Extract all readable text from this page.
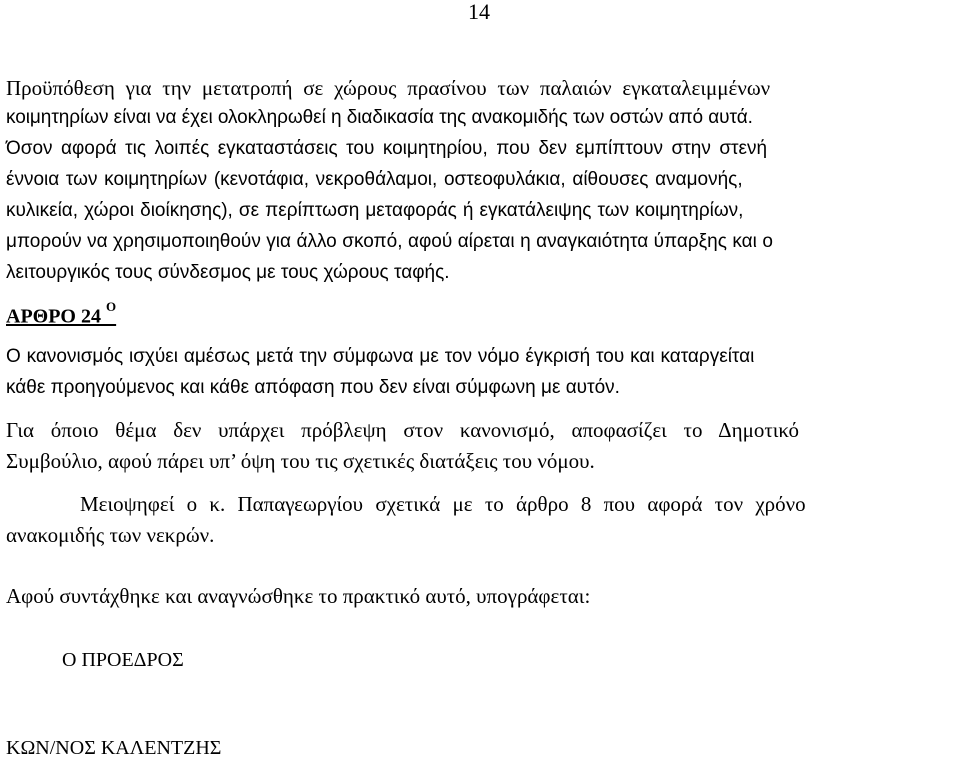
14
Προϋπόθεση για την μετατροπή σε χώρους πρασίνου των παλαιών εγκαταλειμμένων
κοιμητηρίων είναι να έχει ολοκληρωθεί η διαδικασία της ανακομιδής των οστών από αυτά.
Όσον αφορά τις λοιπές εγκαταστάσεις του κοιμητηρίου, που δεν εμπίπτουν στην στενή
έννοια των κοιμητηρίων (κενοτάφια, νεκροθάλαμοι, οστεοφυλάκια, αίθουσες αναμονής,
κυλικεία, χώροι διοίκησης), σε περίπτωση μεταφοράς ή εγκατάλειψης των κοιμητηρίων,
μπορούν να χρησιμοποιηθούν για άλλο σκοπό, αφού αίρεται η αναγκαιότητα ύπαρξης και ο
λειτουργικός τους σύνδεσμος με τους χώρους ταφής.
ΑΡΘΡΟ 24 $^O$
Ο κανονισμός ισχύει αμέσως μετά την σύμφωνα με τον νόμο έγκρισή του και καταργείται
κάθε προηγούμενος και κάθε απόφαση που δεν είναι σύμφωνη με αυτόν.
Για όποιο θέμα δεν υπάρχει πρόβλεψη στον κανονισμό, αποφασίζει το Δημοτικό
Συμβούλιο, αφού πάρει υπ’ όψη του τις σχετικές διατάξεις του νόμου.
Μειοψηφεί ο κ. Παπαγεωργίου σχετικά με το άρθρο 8 που αφορά τον χρόνο
ανακομιδής των νεκρών.
Αφού συντάχθηκε και αναγνώσθηκε το πρακτικό αυτό, υπογράφεται:
Ο ΠΡΟΕΔΡΟΣ
ΚΩΝ/ΝΟΣ ΚΑΛΕΝΤΖΗΣ
